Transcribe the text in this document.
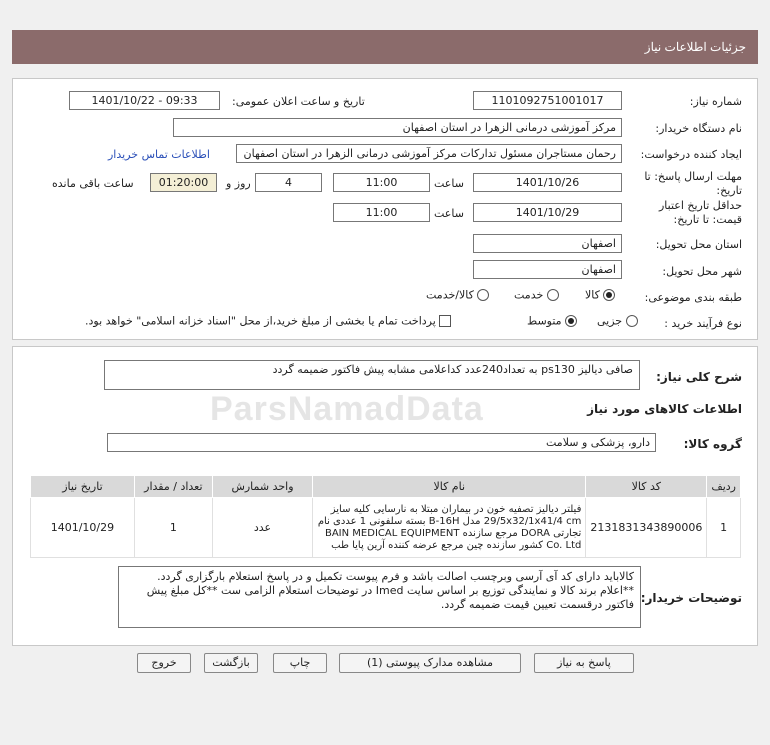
جزئیات اطلاعات نیاز
شماره نیاز:
1101092751001017
تاریخ و ساعت اعلان عمومی:
1401/10/22 - 09:33
نام دستگاه خریدار:
مرکز آموزشی درمانی الزهرا در استان اصفهان
ایجاد کننده درخواست:
رحمان مستاجران مسئول تدارکات مرکز آموزشی درمانی الزهرا در استان اصفهان
اطلاعات تماس خریدار
مهلت ارسال پاسخ: تا
تاریخ:
1401/10/26
ساعت
11:00
4
روز و
01:20:00
ساعت باقی مانده
حداقل تاریخ اعتبار
قیمت: تا تاریخ:
1401/10/29
ساعت
11:00
استان محل تحویل:
اصفهان
شهر محل تحویل:
اصفهان
طبقه بندی موضوعی:
کالا
خدمت
کالا/خدمت
نوع فرآیند خرید :
جزیی
متوسط
پرداخت تمام یا بخشی از مبلغ خرید،از محل "اسناد خزانه اسلامی" خواهد بود.
ParsNamadData
شرح کلی نیاز:
صافی دیالیز ps130 به تعداد240عدد کداعلامی مشابه پیش فاکتور ضمیمه گردد
اطلاعات کالاهای مورد نیاز
گروه کالا:
دارو، پزشکی و سلامت
ردیف	کد کالا	نام کالا	واحد شمارش	تعداد / مقدار	تاریخ نیاز
1	2131831343890006	فیلتر دیالیز تصفیه خون در بیماران مبتلا به نارسایی کلیه سایز 29/5x32/1x41/4 cm مدل B-16H بسته سلفونی 1 عددی نام تجارتی DORA مرجع سازنده BAIN MEDICAL EQUIPMENT Co. Ltd کشور سازنده چین مرجع عرضه کننده آرین پایا طب	عدد	1	1401/10/29
توضیحات خریدار:
کالاباید دارای کد آی آرسی وبرچسب اصالت باشد و فرم پیوست تکمیل و در پاسخ استعلام بارگزاری گردد. **اعلام برند کالا و نمایندگی توزیع بر اساس سایت Imed در توضیحات استعلام الزامی ست **کل مبلغ پیش فاکتور درقسمت تعیین قیمت ضمیمه گردد.
پاسخ به نیاز
مشاهده مدارک پیوستی (1)
چاپ
بازگشت
خروج
